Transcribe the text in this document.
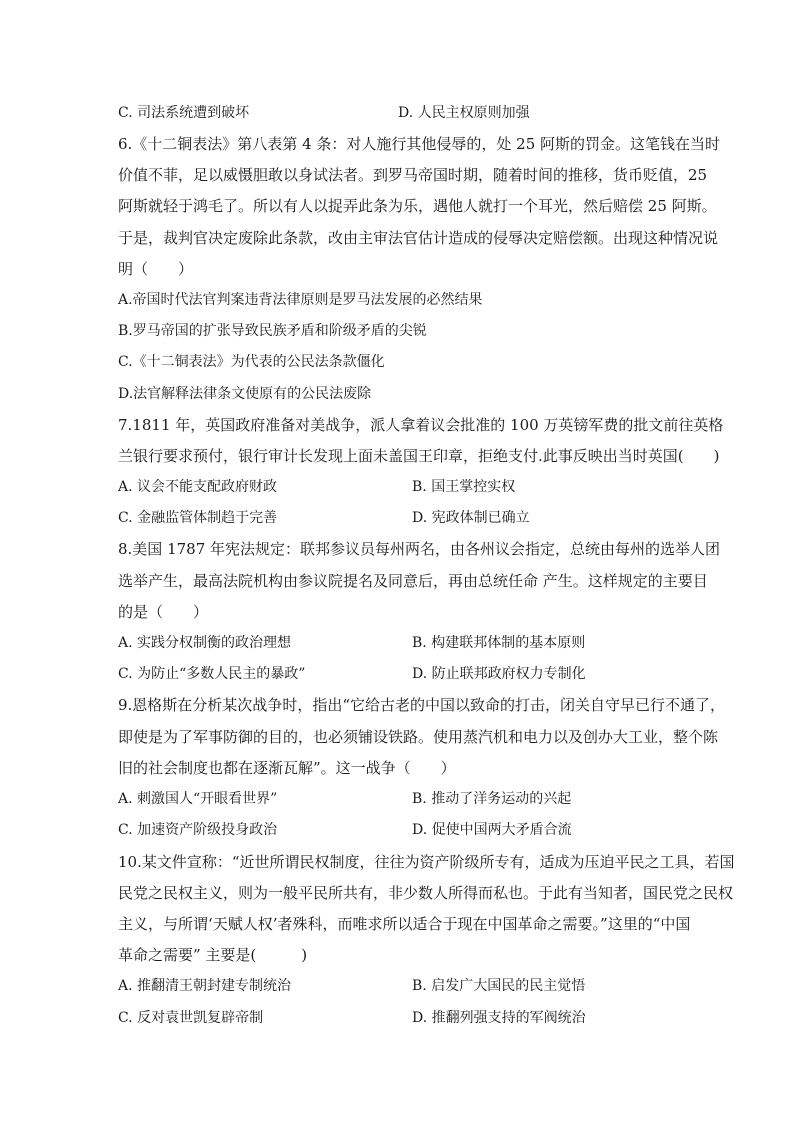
C. 司法系统遭到破坏	D. 人民主权原则加强
6.《十二铜表法》第八表第 4 条：对人施行其他侵辱的，处 25 阿斯的罚金。这笔钱在当时
价值不菲，足以威慑胆敢以身试法者。到罗马帝国时期，随着时间的推移，货币贬值，25
阿斯就轻于鸿毛了。所以有人以捉弄此条为乐，遇他人就打一个耳光，然后赔偿 25 阿斯。
于是，裁判官决定废除此条款，改由主审法官估计造成的侵辱决定赔偿额。出现这种情况说
明（　　）
A.帝国时代法官判案违背法律原则是罗马法发展的必然结果
B.罗马帝国的扩张导致民族矛盾和阶级矛盾的尖锐
C.《十二铜表法》为代表的公民法条款僵化
D.法官解释法律条文使原有的公民法废除
7.1811 年，英国政府准备对美战争，派人拿着议会批准的 100 万英镑军费的批文前往英格
兰银行要求预付，银行审计长发现上面未盖国王印章，拒绝支付.此事反映出当时英国(　　)
A. 议会不能支配政府财政	B. 国王掌控实权
C. 金融监管体制趋于完善	D. 宪政体制已确立
8.美国 1787 年宪法规定：联邦参议员每州两名，由各州议会指定，总统由每州的选举人团
选举产生，最高法院机构由参议院提名及同意后，再由总统任命 产生。这样规定的主要目
的是（　　）
A. 实践分权制衡的政治理想	B. 构建联邦体制的基本原则
C. 为防止“多数人民主的暴政”	D. 防止联邦政府权力专制化
9.恩格斯在分析某次战争时，指出“它给古老的中国以致命的打击，闭关自守早已行不通了，
即使是为了军事防御的目的，也必须铺设铁路。使用蒸汽机和电力以及创办大工业，整个陈
旧的社会制度也都在逐渐瓦解”。这一战争（　　）
A. 刺激国人“开眼看世界”	B. 推动了洋务运动的兴起
C. 加速资产阶级投身政治	D. 促使中国两大矛盾合流
10.某文件宣称：“近世所谓民权制度，往往为资产阶级所专有，适成为压迫平民之工具，若国
民党之民权主义，则为一般平民所共有，非少数人所得而私也。于此有当知者，国民党之民权
主义，与所谓‘天赋人权’者殊科，而唯求所以适合于现在中国革命之需要。”这里的“中国
革命之需要” 主要是(　　　)
A. 推翻清王朝封建专制统治	B. 启发广大国民的民主觉悟
C. 反对袁世凯复辟帝制	D. 推翻列强支持的军阀统治
